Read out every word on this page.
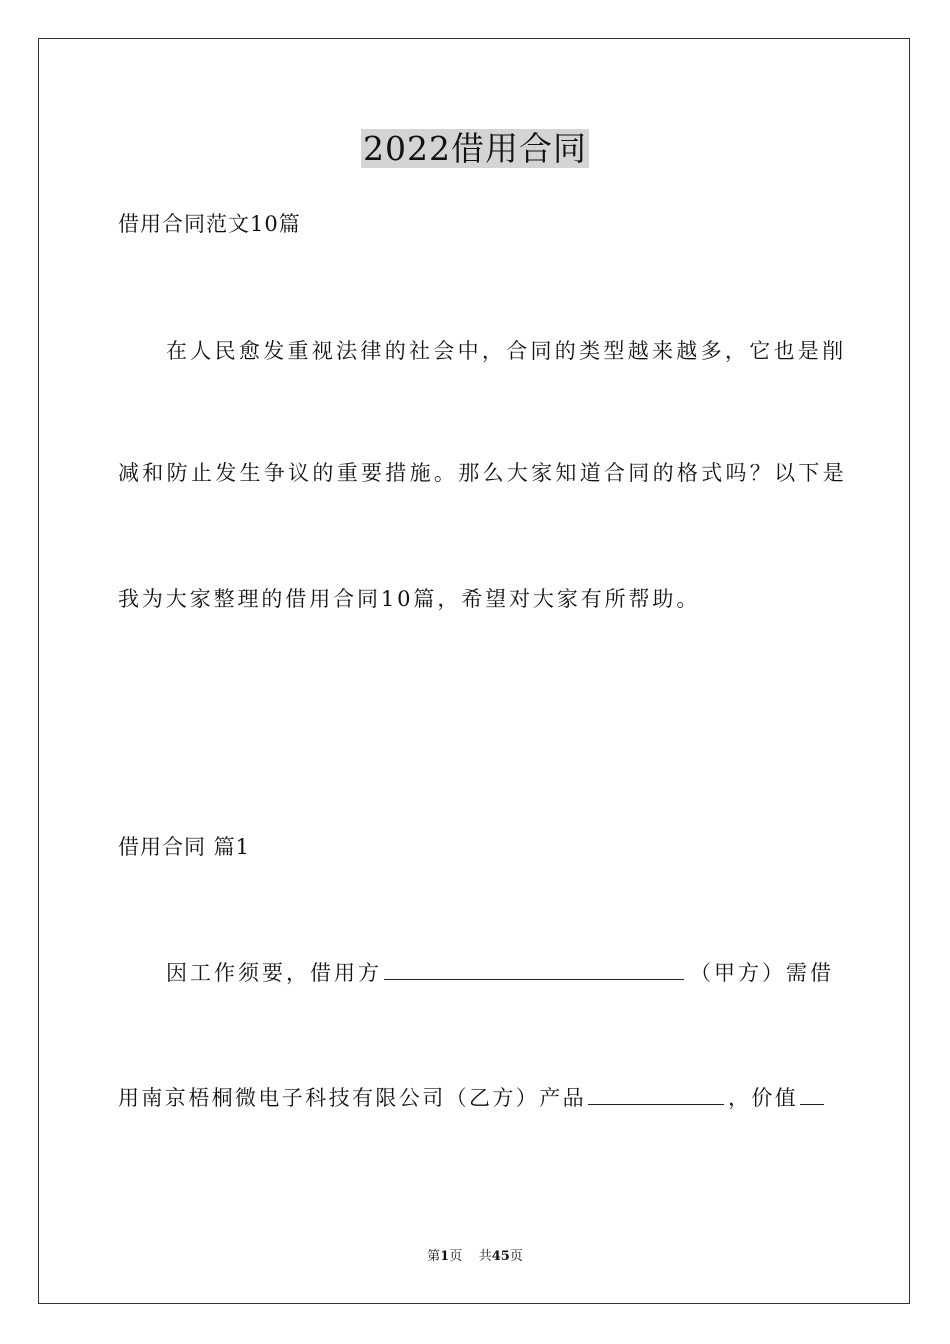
2022借用合同
借用合同范文10篇
在人民愈发重视法律的社会中，合同的类型越来越多，它也是削
减和防止发生争议的重要措施。那么大家知道合同的格式吗？以下是
我为大家整理的借用合同10篇，希望对大家有所帮助。
借用合同 篇1
因工作须要，借用方	（甲方）需借
用南京梧桐微电子科技有限公司（乙方）产品	，价值
第1页 共45页
